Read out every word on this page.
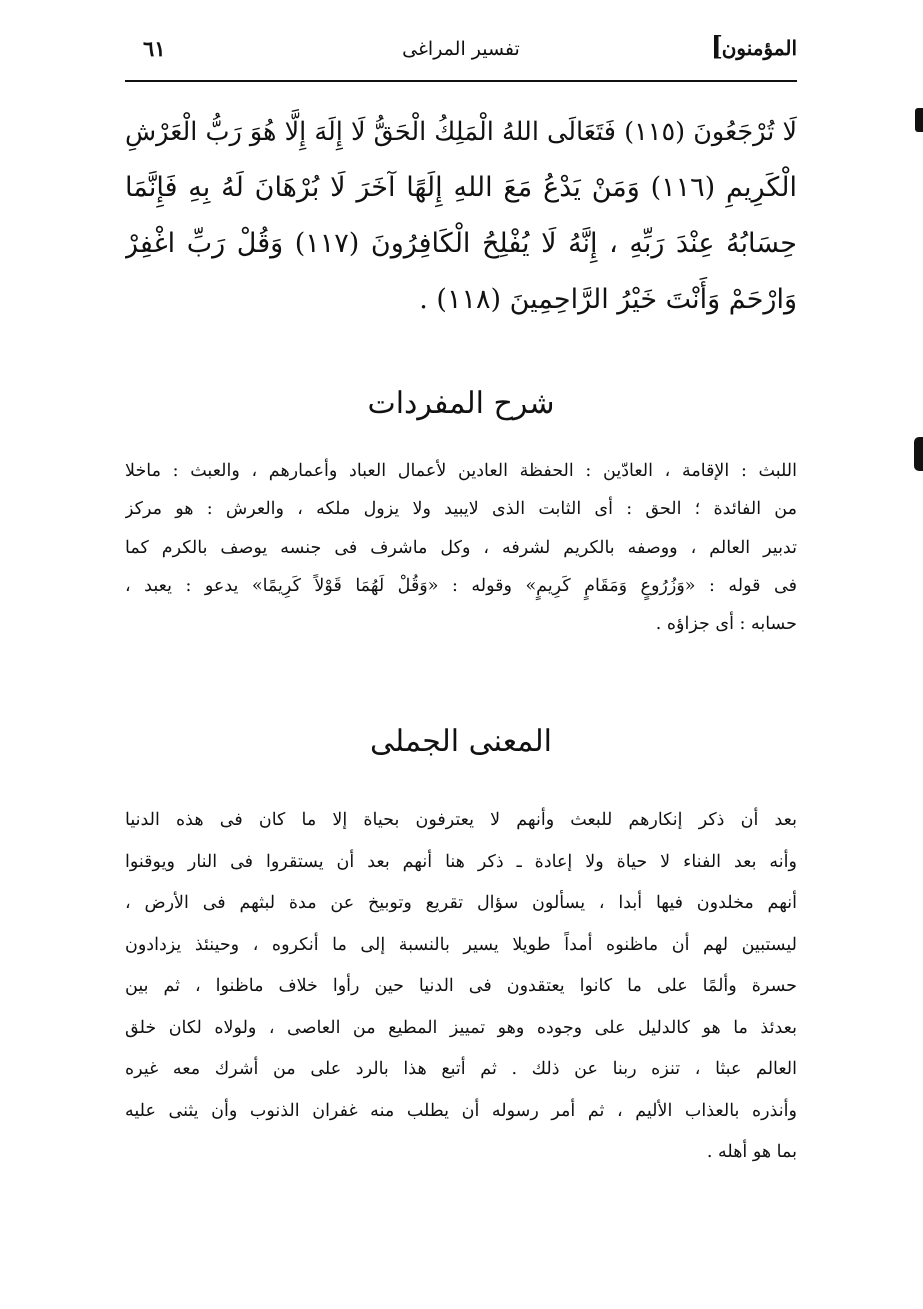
المؤمنون
]
تفسير المراغى
٦١
لَا تُرْجَعُونَ (١١٥) فَتَعَالَى اللهُ الْمَلِكُ الْحَقُّ لَا إِلَهَ إِلَّا هُوَ رَبُّ الْعَرْشِ
الْكَرِيمِ (١١٦) وَمَنْ يَدْعُ مَعَ اللهِ إِلَهًا آخَرَ لَا بُرْهَانَ لَهُ بِهِ فَإِنَّمَا
حِسَابُهُ عِنْدَ رَبِّهِ ، إِنَّهُ لَا يُفْلِحُ الْكَافِرُونَ (١١٧) وَقُلْ رَبِّ اغْفِرْ
وَارْحَمْ وَأَنْتَ خَيْرُ الرَّاحِمِينَ (١١٨) .
شرح المفردات
اللبث : الإقامة ، العادّين : الحفظة العادين لأعمال العباد وأعمارهم ، والعبث : ماخلا
من الفائدة ؛ الحق : أى الثابت الذى لايبيد ولا يزول ملكه ، والعرش : هو مركز
تدبير العالم ، ووصفه بالكريم لشرفه ، وكل ماشرف فى جنسه يوصف بالكرم كما
فى قوله : «وَزُرُوعٍ وَمَقَامٍ كَرِيمٍ» وقوله : «وَقُلْ لَهُمَا قَوْلاً كَرِيمًا» يدعو : يعبد ،
حسابه : أى جزاؤه .
المعنى الجملى
بعد أن ذكر إنكارهم للبعث وأنهم لا يعترفون بحياة إلا ما كان فى هذه الدنيا
وأنه بعد الفناء لا حياة ولا إعادة ـ ذكر هنا أنهم بعد أن يستقروا فى النار ويوقنوا
أنهم مخلدون فيها أبدا ، يسألون سؤال تقريع وتوبيخ عن مدة لبثهم فى الأرض ،
ليستبين لهم أن ماظنوه أمداً طويلا يسير بالنسبة إلى ما أنكروه ، وحينئذ يزدادون
حسرة وألمًا على ما كانوا يعتقدون فى الدنيا حين رأوا خلاف ماظنوا ، ثم بين
بعدئذ ما هو كالدليل على وجوده وهو تمييز المطيع من العاصى ، ولولاه لكان خلق
العالم عبثا ، تنزه ربنا عن ذلك . ثم أتبع هذا بالرد على من أشرك معه غيره
وأنذره بالعذاب الأليم ، ثم أمر رسوله أن يطلب منه غفران الذنوب وأن يثنى عليه
بما هو أهله .
